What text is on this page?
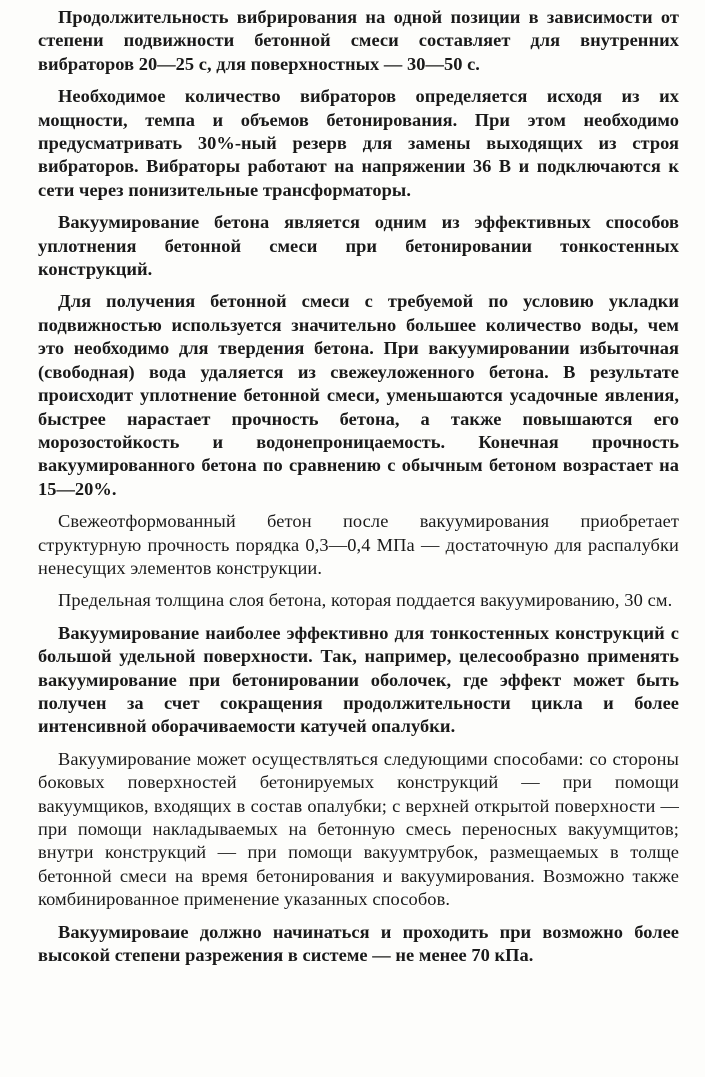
Продолжительность вибрирования на одной позиции в зависимости от степени подвижности бетонной смеси составляет для внутренних вибраторов 20—25 с, для поверхностных — 30—50 с.

Необходимое количество вибраторов определяется исходя из их мощности, темпа и объемов бетонирования. При этом необходимо предусматривать 30%-ный резерв для замены выходящих из строя вибраторов. Вибраторы работают на напряжении 36 В и подключаются к сети через понизительные трансформаторы.

Вакуумирование бетона является одним из эффективных способов уплотнения бетонной смеси при бетонировании тонкостенных конструкций.

Для получения бетонной смеси с требуемой по условию укладки подвижностью используется значительно большее количество воды, чем это необходимо для твердения бетона. При вакуумировании избыточная (свободная) вода удаляется из свежеуложенного бетона. В результате происходит уплотнение бетонной смеси, уменьшаются усадочные явления, быстрее нарастает прочность бетона, а также повышаются его морозостойкость и водонепроницаемость. Конечная прочность вакуумированного бетона по сравнению с обычным бетоном возрастает на 15—20%.

Свежеотформованный бетон после вакуумирования приобретает структурную прочность порядка 0,3—0,4 МПа — достаточную для распалубки ненесущих элементов конструкции.

Предельная толщина слоя бетона, которая поддается вакуумированию, 30 см.

Вакуумирование наиболее эффективно для тонкостенных конструкций с большой удельной поверхности. Так, например, целесообразно применять вакуумирование при бетонировании оболочек, где эффект может быть получен за счет сокращения продолжительности цикла и более интенсивной оборачиваемости катучей опалубки.

Вакуумирование может осуществляться следующими способами: со стороны боковых поверхностей бетонируемых конструкций — при помощи вакуумщиков, входящих в состав опалубки; с верхней открытой поверхности — при помощи накладываемых на бетонную смесь переносных вакуумщитов; внутри конструкций — при помощи вакуумтрубок, размещаемых в толще бетонной смеси на время бетонирования и вакуумирования. Возможно также комбинированное применение указанных способов.

Вакуумироваие должно начинаться и проходить при возможно более высокой степени разрежения в системе — не менее 70 кПа.
